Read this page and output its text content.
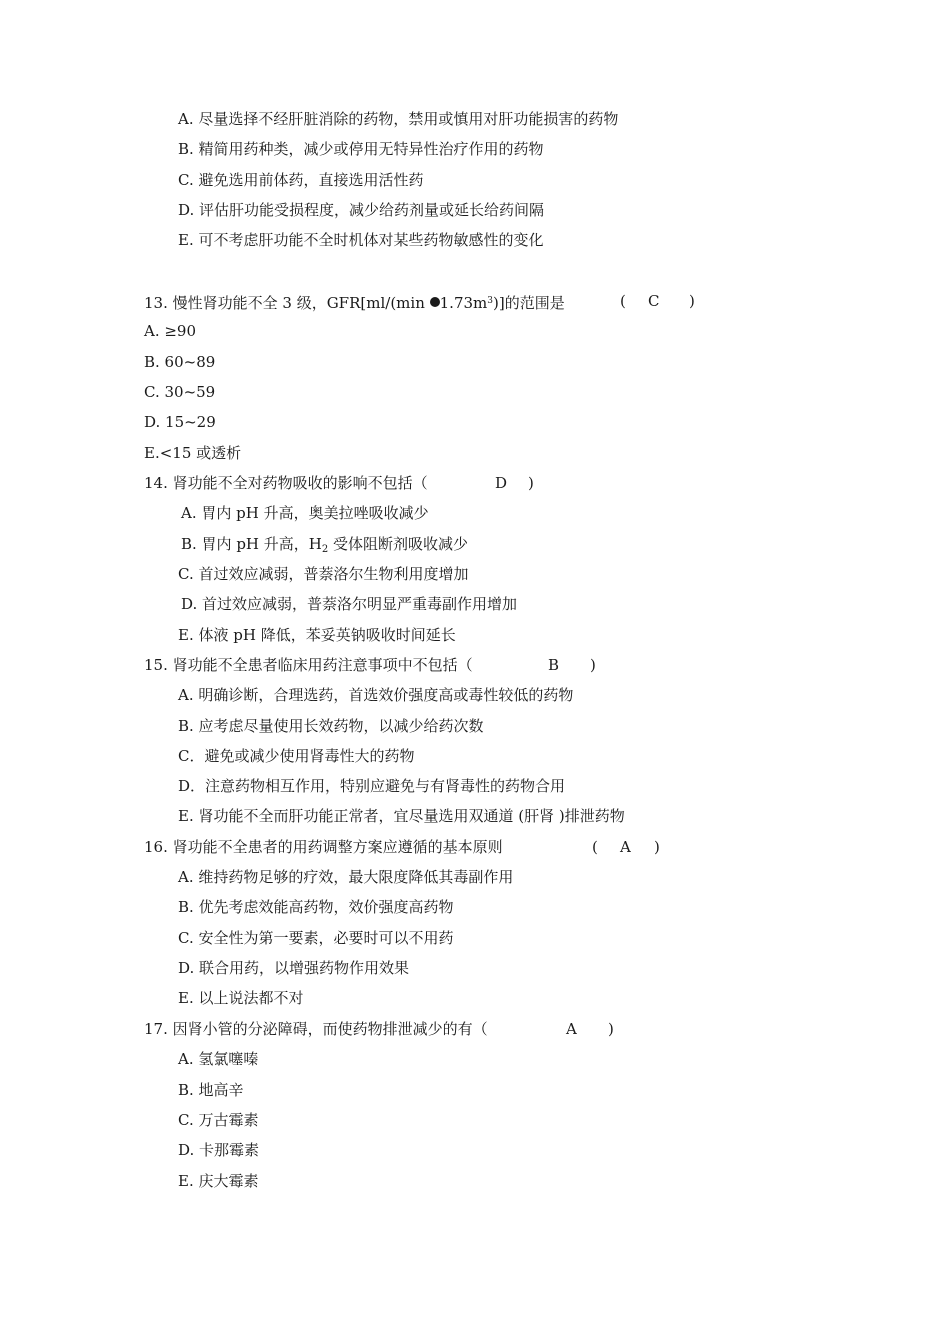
A. 尽量选择不经肝脏消除的药物，禁用或慎用对肝功能损害的药物
B. 精简用药种类，减少或停用无特异性治疗作用的药物
C. 避免选用前体药，直接选用活性药
D. 评估肝功能受损程度，减少给药剂量或延长给药间隔
E. 可不考虑肝功能不全时机体对某些药物敏感性的变化
13. 慢性肾功能不全 3 级，GFR[ml/(min $1.73m^3$)]的范围是	( C )
A. ≥90
B. 60~89
C. 30~59
D. 15~29
E.<15 或透析
14. 肾功能不全对药物吸收的影响不包括（	D )
A. 胃内 pH 升高，奥美拉唑吸收减少
B. 胃内 pH 升高，$H_2$ 受体阻断剂吸收减少
C. 首过效应减弱，普萘洛尔生物利用度增加
D. 首过效应减弱，普萘洛尔明显严重毒副作用增加
E. 体液 pH 降低，苯妥英钠吸收时间延长
15. 肾功能不全患者临床用药注意事项中不包括（	B )
A. 明确诊断，合理选药，首选效价强度高或毒性较低的药物
B. 应考虑尽量使用长效药物，以减少给药次数
C．避免或减少使用肾毒性大的药物
D．注意药物相互作用，特别应避免与有肾毒性的药物合用
E. 肾功能不全而肝功能正常者，宜尽量选用双通道 (肝肾 )排泄药物
16. 肾功能不全患者的用药调整方案应遵循的基本原则	( A )
A. 维持药物足够的疗效，最大限度降低其毒副作用
B. 优先考虑效能高药物，效价强度高药物
C. 安全性为第一要素，必要时可以不用药
D. 联合用药，以增强药物作用效果
E. 以上说法都不对
17. 因肾小管的分泌障碍，而使药物排泄减少的有（	A )
A. 氢氯噻嗪
B. 地高辛
C. 万古霉素
D. 卡那霉素
E. 庆大霉素
